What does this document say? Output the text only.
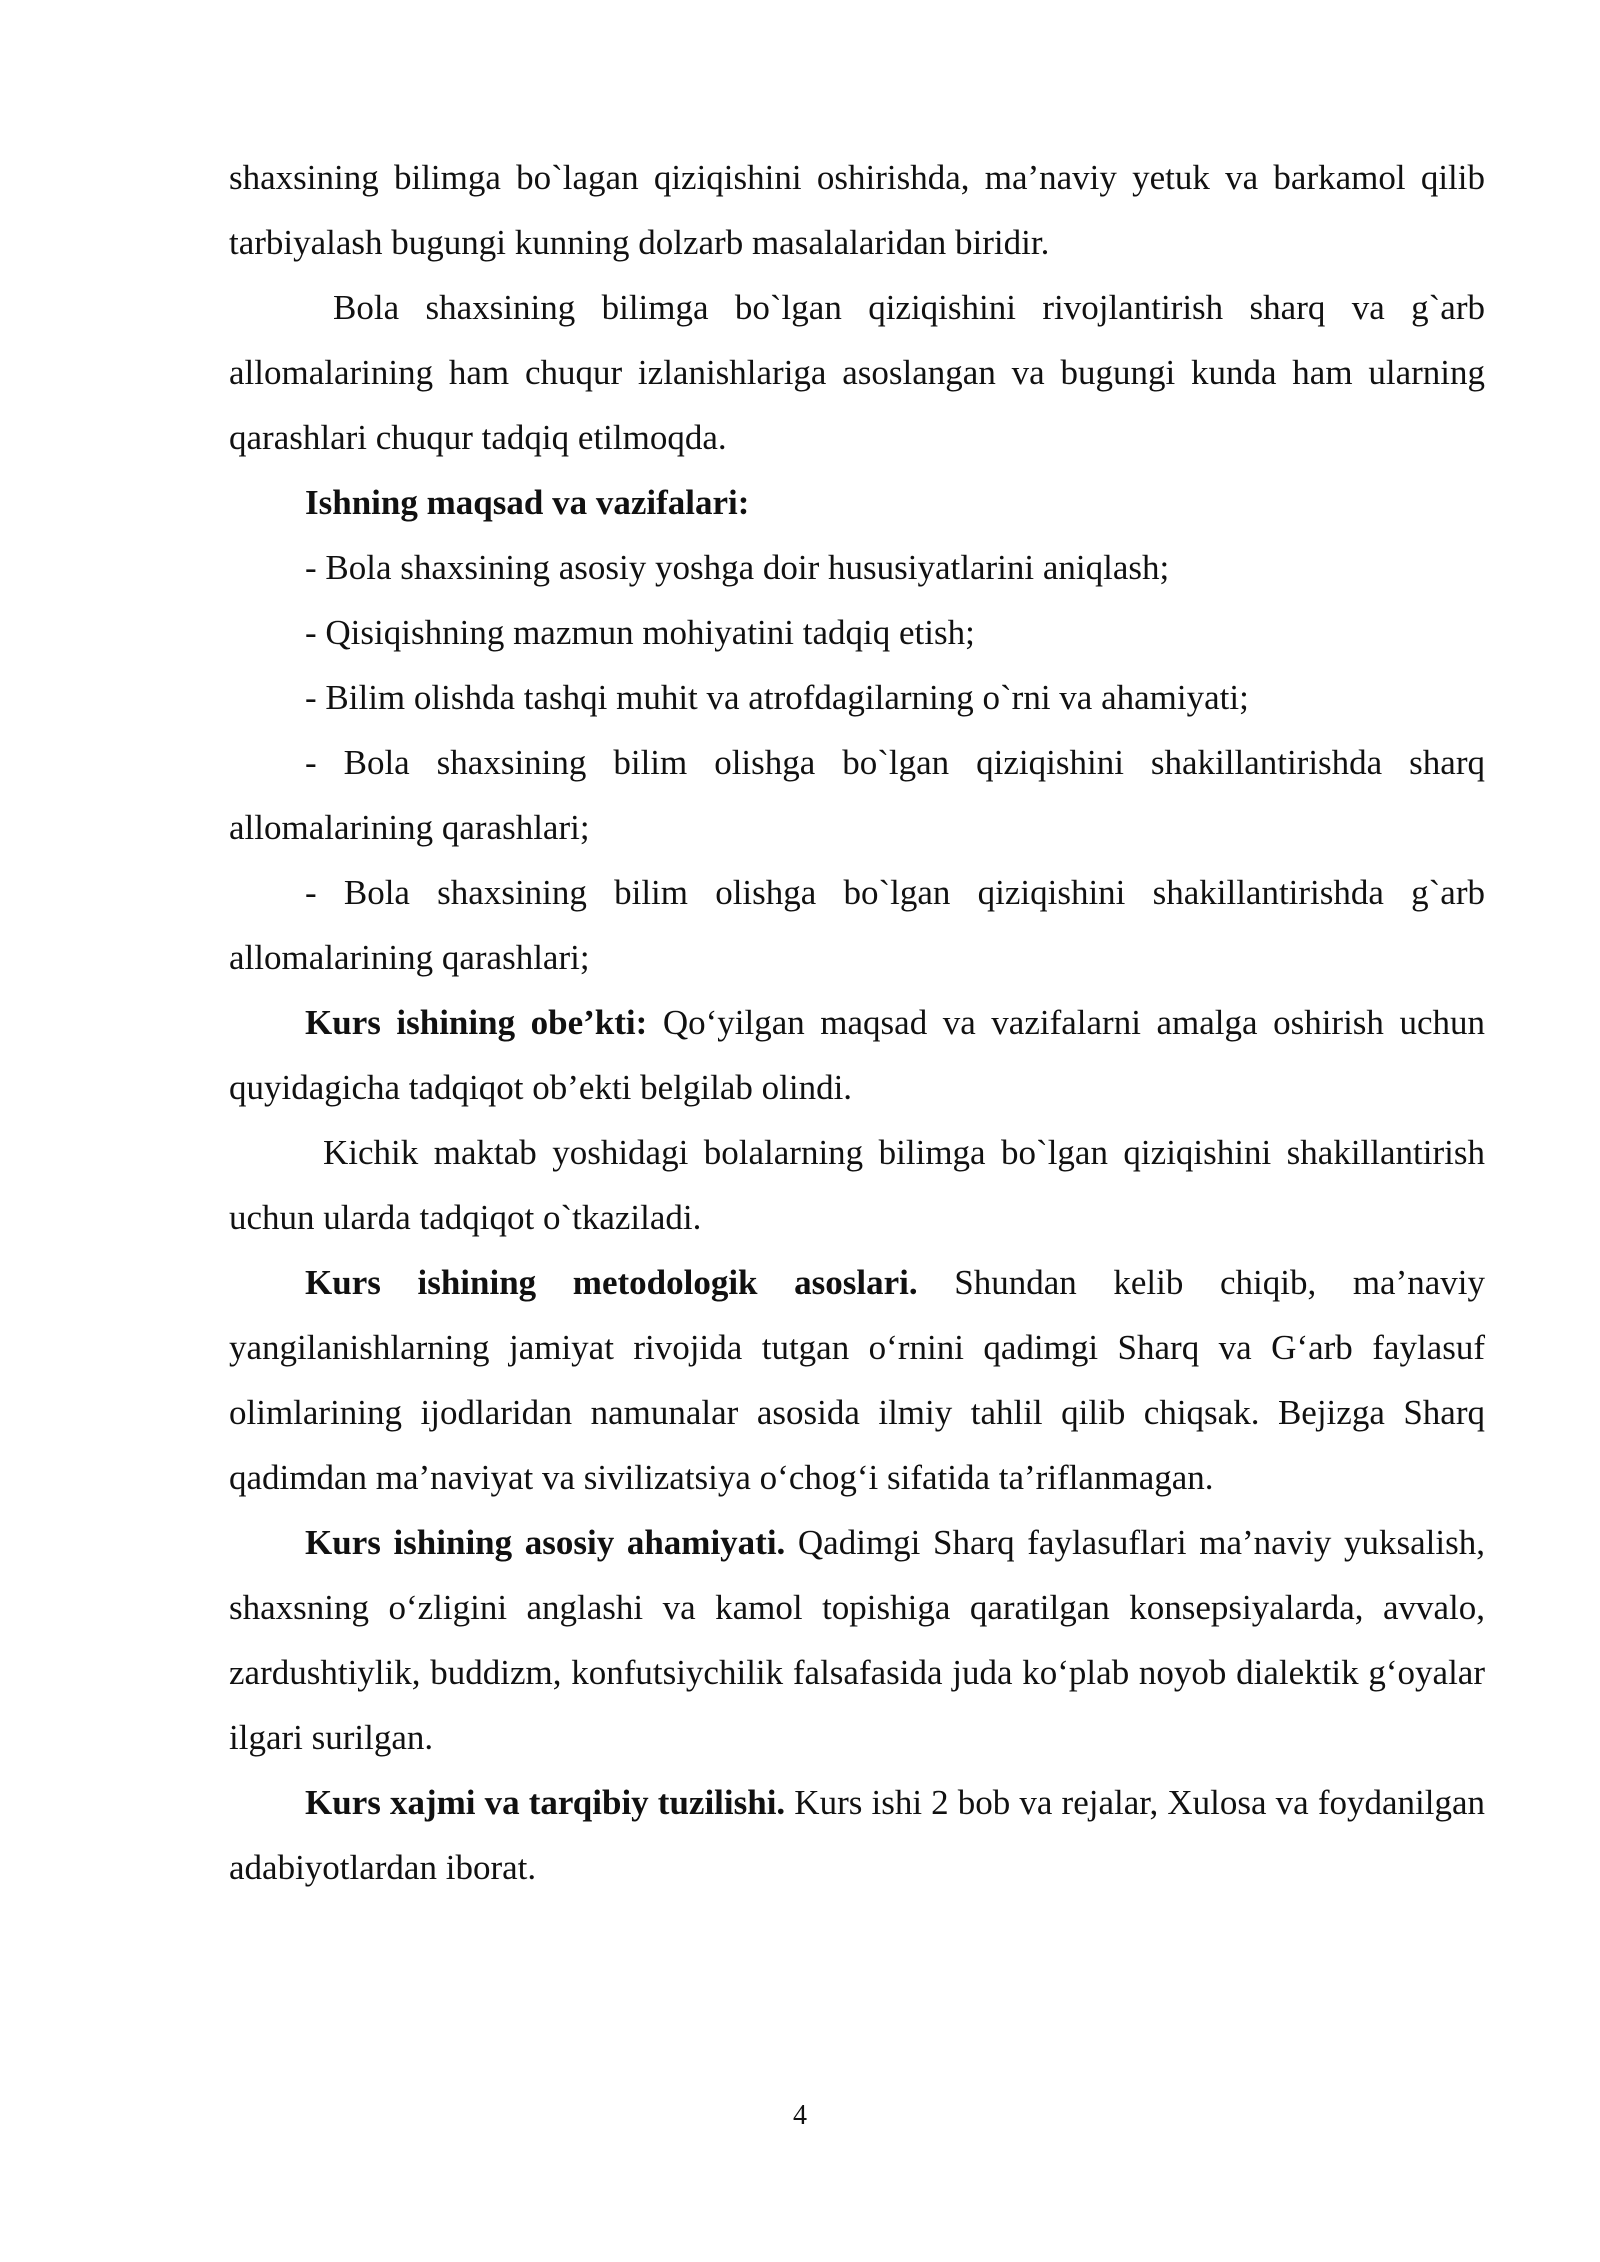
shaxsining bilimga bo`lagan qiziqishini oshirishda, ma’naviy yetuk va barkamol qilib tarbiyalash bugungi kunning dolzarb masalalaridan biridir.

Bola shaxsining bilimga bo`lgan qiziqishini rivojlantirish sharq va g`arb allomalarining ham chuqur izlanishlariga asoslangan va bugungi kunda ham ularning qarashlari chuqur tadqiq etilmoqda.

Ishning maqsad va vazifalari:

- Bola shaxsining asosiy yoshga doir hususiyatlarini aniqlash;

- Qisiqishning mazmun mohiyatini tadqiq etish;

- Bilim olishda tashqi muhit va atrofdagilarning o`rni va ahamiyati;

- Bola shaxsining bilim olishga bo`lgan qiziqishini shakillantirishda sharq allomalarining qarashlari;

- Bola shaxsining bilim olishga bo`lgan qiziqishini shakillantirishda g`arb allomalarining qarashlari;

Kurs ishining obe’kti: Qo‘yilgan maqsad va vazifalarni amalga oshirish uchun quyidagicha tadqiqot ob’ekti belgilab olindi.

Kichik maktab yoshidagi bolalarning bilimga bo`lgan qiziqishini shakillantirish uchun ularda tadqiqot o`tkaziladi.

Kurs ishining metodologik asoslari. Shundan kelib chiqib, ma’naviy yangilanishlarning jamiyat rivojida tutgan o‘rnini qadimgi Sharq va G‘arb faylasuf olimlarining ijodlaridan namunalar asosida ilmiy tahlil qilib chiqsak. Bejizga Sharq qadimdan ma’naviyat va sivilizatsiya o‘chog‘i sifatida ta’riflanmagan.

Kurs ishining asosiy ahamiyati. Qadimgi Sharq faylasuflari ma’naviy yuksalish, shaxsning o‘zligini anglashi va kamol topishiga qaratilgan konsepsiyalarda, avvalo, zardushtiylik, buddizm, konfutsiychilik falsafasida juda ko‘plab noyob dialektik g‘oyalar ilgari surilgan.

Kurs xajmi va tarqibiy tuzilishi. Kurs ishi 2 bob va rejalar, Xulosa va foydanilgan adabiyotlardan iborat.

4
